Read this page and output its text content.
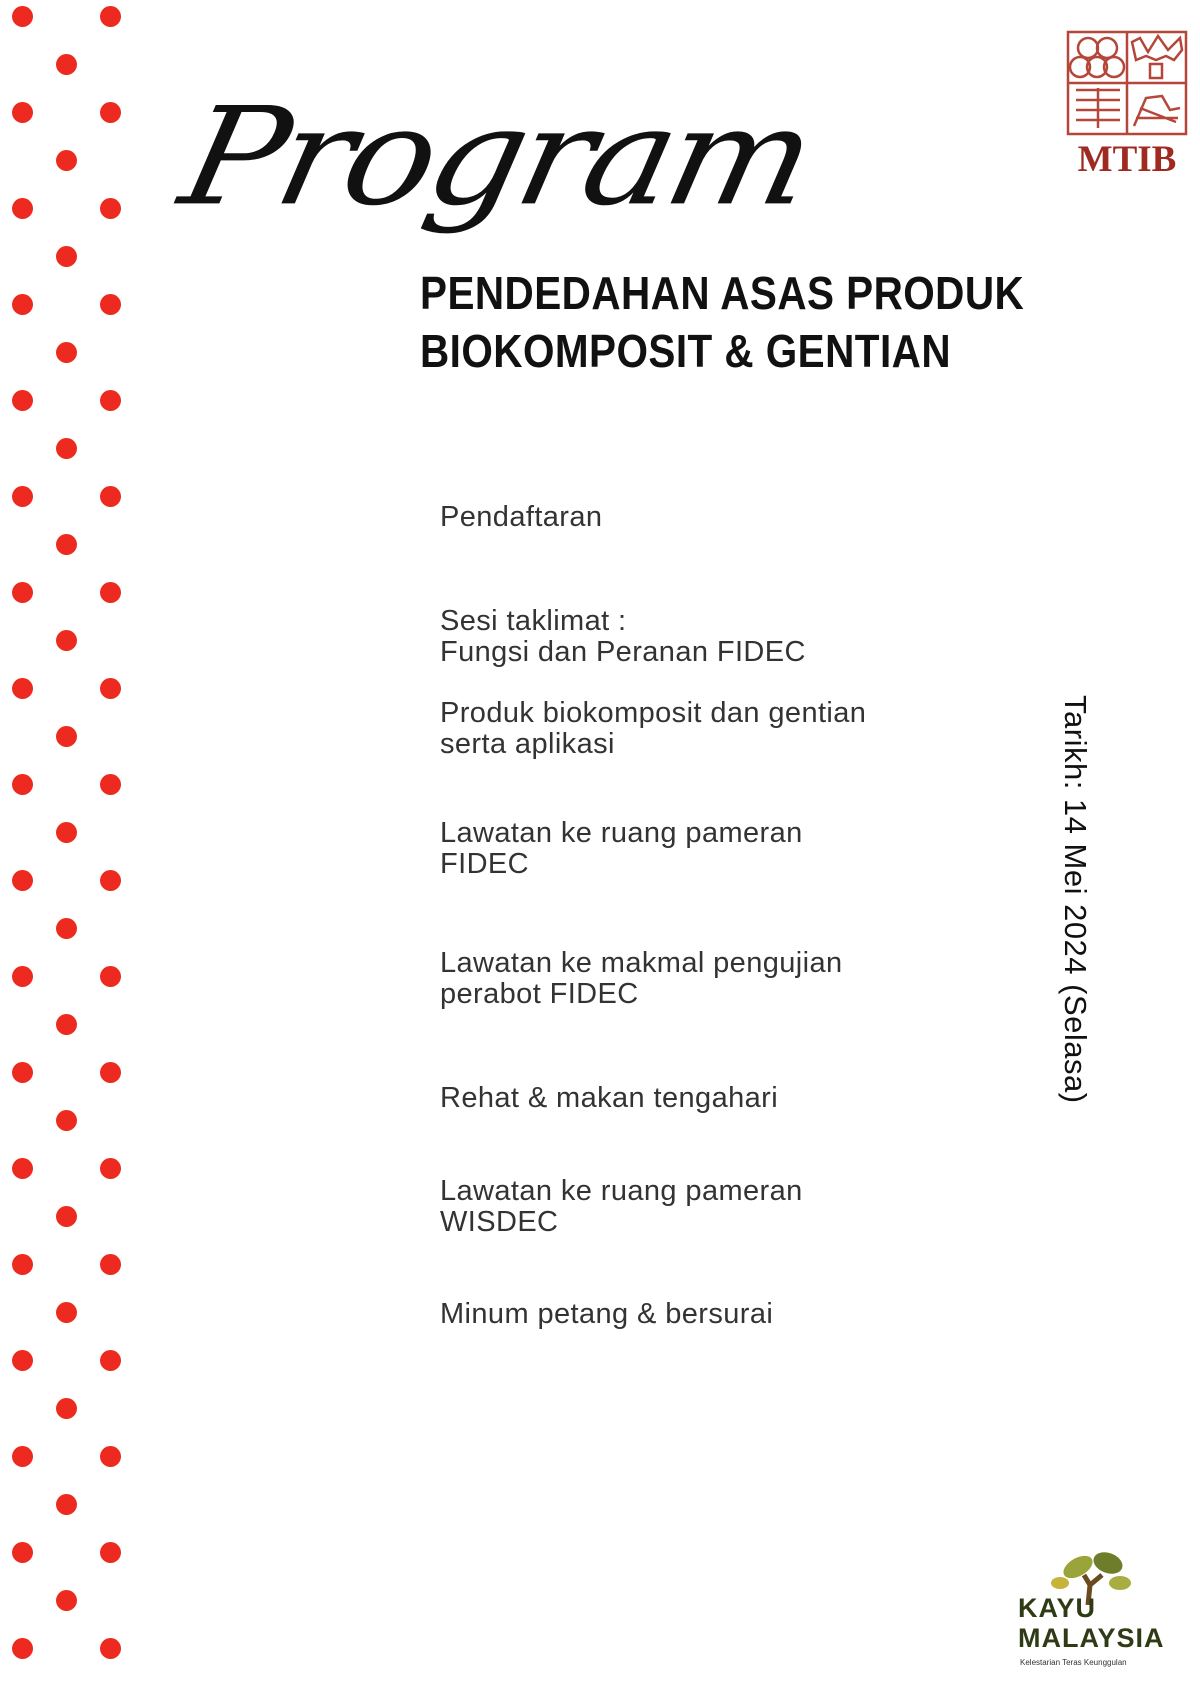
MTIB
Program
PENDEDAHAN ASAS PRODUK
BIOKOMPOSIT & GENTIAN
Pendaftaran
Sesi taklimat :
Fungsi dan Peranan FIDEC
Produk biokomposit dan gentian
serta aplikasi
Lawatan ke ruang pameran
FIDEC
Lawatan ke makmal pengujian
perabot FIDEC
Rehat & makan tengahari
Lawatan ke ruang pameran
WISDEC
Minum petang & bersurai
Tarikh: 14 Mei 2024 (Selasa)
KAYU
MALAYSIA
Kelestarian Teras Keunggulan
